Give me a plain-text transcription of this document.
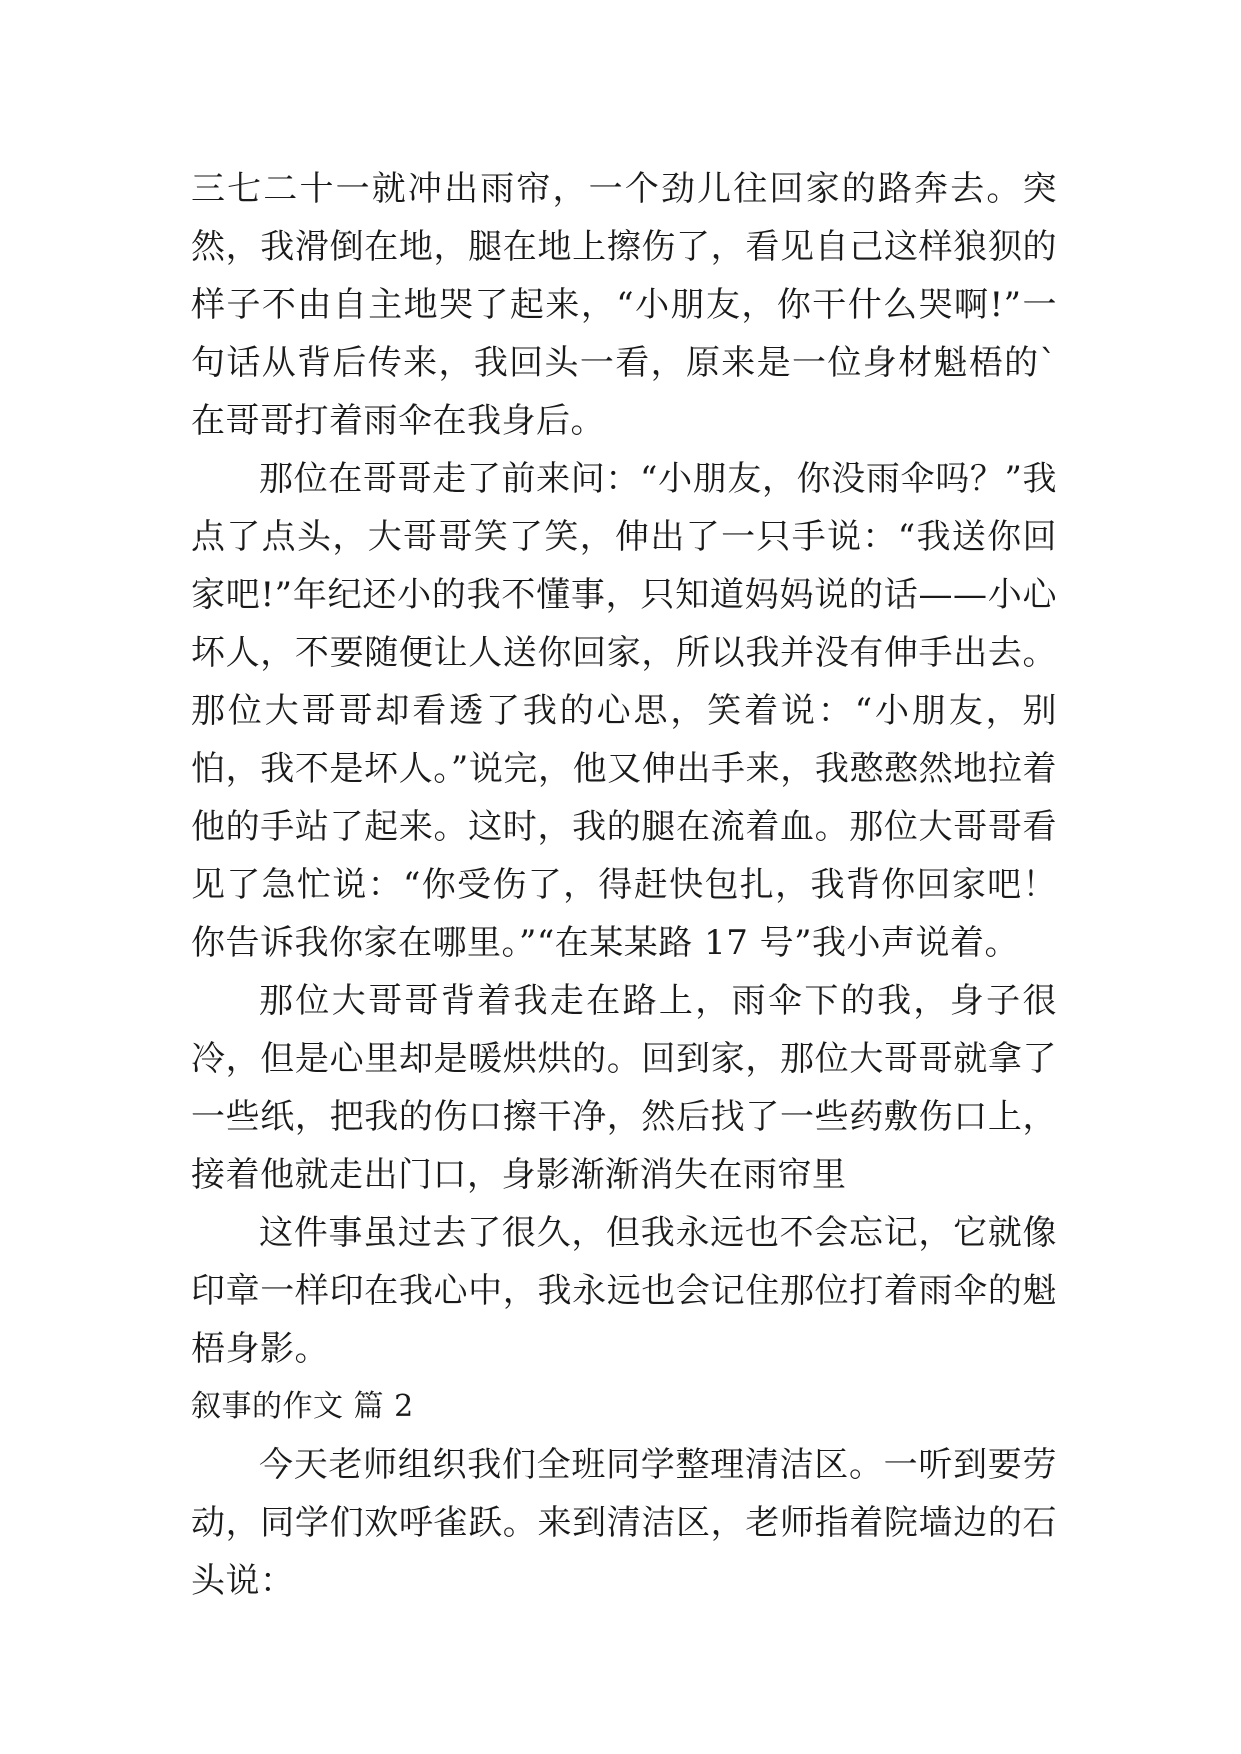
三七二十一就冲出雨帘，一个劲儿往回家的路奔去。突然，我滑倒在地，腿在地上擦伤了，看见自己这样狼狈的样子不由自主地哭了起来，“小朋友，你干什么哭啊!”一句话从背后传来，我回头一看，原来是一位身材魁梧的`在哥哥打着雨伞在我身后。

那位在哥哥走了前来问：“小朋友，你没雨伞吗？”我点了点头，大哥哥笑了笑，伸出了一只手说：“我送你回家吧!”年纪还小的我不懂事，只知道妈妈说的话——小心坏人，不要随便让人送你回家，所以我并没有伸手出去。那位大哥哥却看透了我的心思，笑着说：“小朋友，别怕，我不是坏人。”说完，他又伸出手来，我憨憨然地拉着他的手站了起来。这时，我的腿在流着血。那位大哥哥看见了急忙说：“你受伤了，得赶快包扎，我背你回家吧！你告诉我你家在哪里。”“在某某路 17 号”我小声说着。

那位大哥哥背着我走在路上，雨伞下的我，身子很冷，但是心里却是暖烘烘的。回到家，那位大哥哥就拿了一些纸，把我的伤口擦干净，然后找了一些药敷伤口上，接着他就走出门口，身影渐渐消失在雨帘里

这件事虽过去了很久，但我永远也不会忘记，它就像印章一样印在我心中，我永远也会记住那位打着雨伞的魁梧身影。

叙事的作文 篇 2

今天老师组织我们全班同学整理清洁区。一听到要劳动，同学们欢呼雀跃。来到清洁区，老师指着院墙边的石头说：
